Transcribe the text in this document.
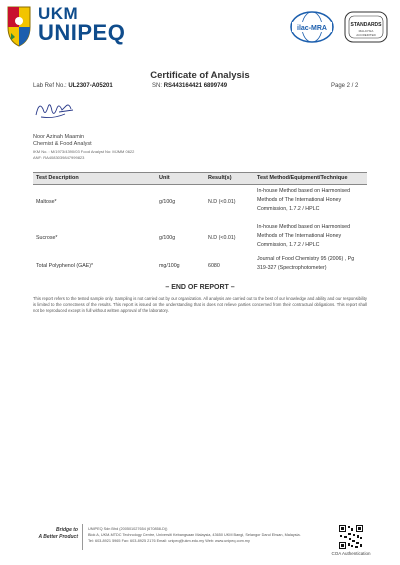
UKM
UNIPEQ	ilac-MRA	STANDARDS
MALAYSIA
ACCREDITED
Certificate of Analysis
Lab Ref No.: UL2307-A05201	SN: RS443164421 6899749	Page 2 / 2
Noor Azinah Maamin
Chemist & Food Analyst
IKM No. : M/1973/4390/03 Food Analyst No: MJMM 0622
ANF: RA4083039847999823
Test Description	Unit	Result(s)	Test Method/Equipment/Technique
Maltose*	g/100g	N.D (<0.01)
In-house Method based on Harmonised
Methods of The International Honey
Commission, 1.7.2 / HPLC
Sucrose*	g/100g	N.D (<0.01)
In-house Method based on Harmonised
Methods of The International Honey
Commission, 1.7.2 / HPLC
Total Polyphenol (GAE)*	mg/100g	6080
Journal of Food Chemistry 95 (2006) , Pg
319-327 (Spectrophotometer)
– END OF REPORT –
This report refers to the tested sample only. Sampling is not carried out by our organization. All analysis are carried out to the best of our knowledge and ability and our responsibility is limited to the correctness of the results. This report is issued on the understanding that is does not relieve parties concerned from their contractual obligations. This report shall not be reproduced except in full without written approval of the laboratory.
Bridge to
A Better Product
UNIPEQ Sdn Bhd (200501027654 (670858-D))
Blok A, UKM-MTDC Technology Centre, Universiti Kebangsaan Malaysia, 43650 UKM Bangi, Selangor Darul Ehsan, Malaysia.
Tel: 603-8921 5965 Fax: 603-8925 2176 Email: unipeq@ukm.edu.my Web: www.unipeq.com.my
COA Authentication
